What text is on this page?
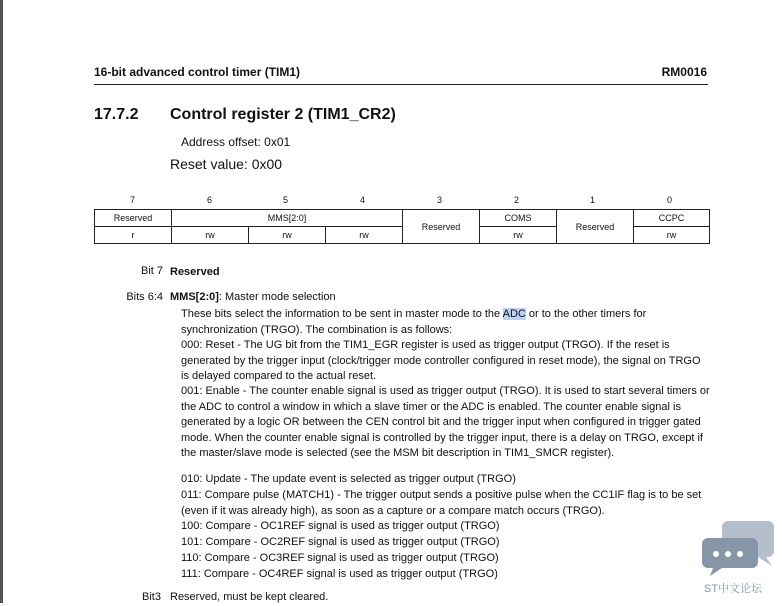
16-bit advanced control timer (TIM1)	RM0016
17.7.2 Control register 2 (TIM1_CR2)
Address offset: 0x01
Reset value: 0x00
7	6	5	4	3	2	1	0
Reserved	MMS[2:0]			Reserved	COMS	Reserved	CCPC
r	rw	rw	rw		rw		rw
Bit 7 Reserved
Bits 6:4 MMS[2:0]: Master mode selection
These bits select the information to be sent in master mode to the ADC or to the other timers for synchronization (TRGO). The combination is as follows:
000: Reset - The UG bit from the TIM1_EGR register is used as trigger output (TRGO). If the reset is generated by the trigger input (clock/trigger mode controller configured in reset mode), the signal on TRGO is delayed compared to the actual reset.
001: Enable - The counter enable signal is used as trigger output (TRGO). It is used to start several timers or the ADC to control a window in which a slave timer or the ADC is enabled. The counter enable signal is generated by a logic OR between the CEN control bit and the trigger input when configured in trigger gated mode. When the counter enable signal is controlled by the trigger input, there is a delay on TRGO, except if the master/slave mode is selected (see the MSM bit description in TIM1_SMCR register).
010: Update - The update event is selected as trigger output (TRGO)
011: Compare pulse (MATCH1) - The trigger output sends a positive pulse when the CC1IF flag is to be set (even if it was already high), as soon as a capture or a compare match occurs (TRGO).
100: Compare - OC1REF signal is used as trigger output (TRGO)
101: Compare - OC2REF signal is used as trigger output (TRGO)
110: Compare - OC3REF signal is used as trigger output (TRGO)
111: Compare - OC4REF signal is used as trigger output (TRGO)
Bit3 Reserved, must be kept cleared.
ST中文论坛
